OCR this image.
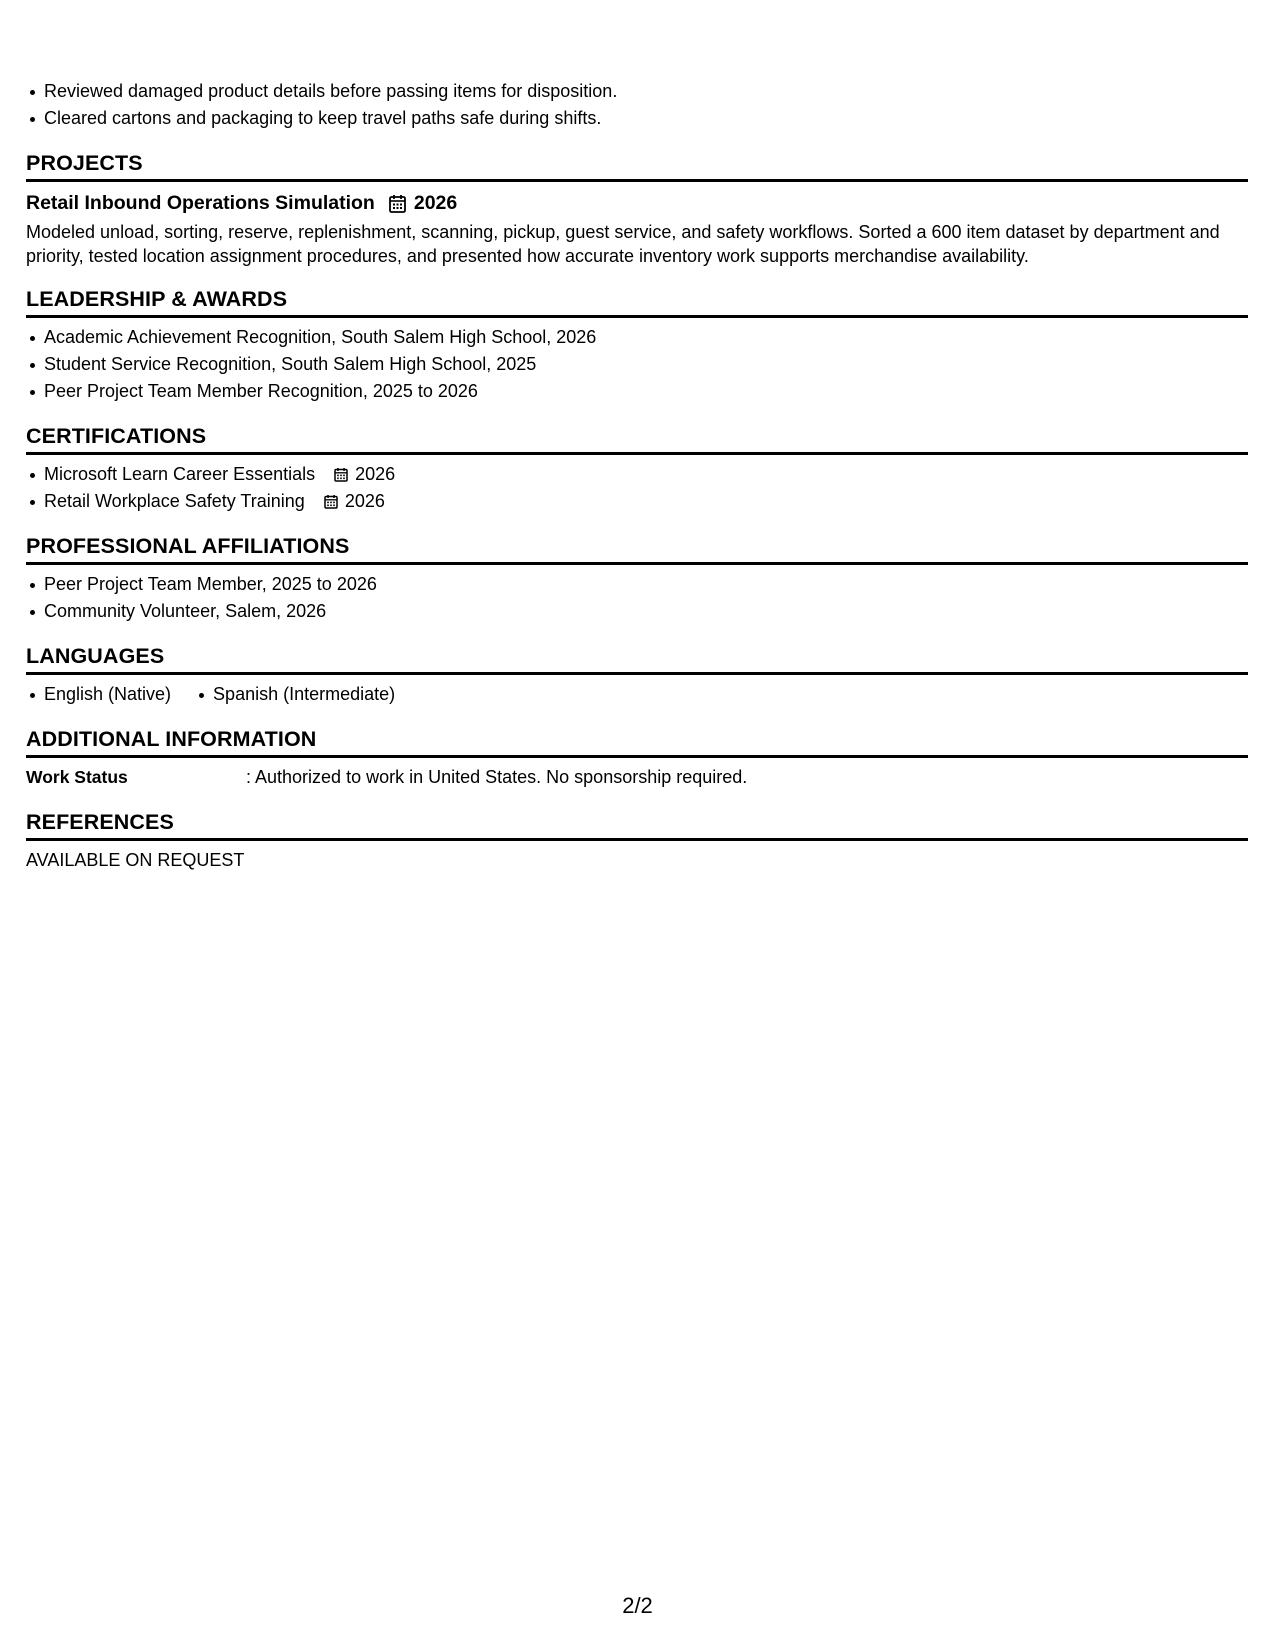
Reviewed damaged product details before passing items for disposition.
Cleared cartons and packaging to keep travel paths safe during shifts.
PROJECTS
Retail Inbound Operations Simulation 2026
Modeled unload, sorting, reserve, replenishment, scanning, pickup, guest service, and safety workflows. Sorted a 600 item dataset by department and priority, tested location assignment procedures, and presented how accurate inventory work supports merchandise availability.
LEADERSHIP & AWARDS
Academic Achievement Recognition, South Salem High School, 2026
Student Service Recognition, South Salem High School, 2025
Peer Project Team Member Recognition, 2025 to 2026
CERTIFICATIONS
Microsoft Learn Career Essentials 2026
Retail Workplace Safety Training 2026
PROFESSIONAL AFFILIATIONS
Peer Project Team Member, 2025 to 2026
Community Volunteer, Salem, 2026
LANGUAGES
English (Native)	Spanish (Intermediate)
ADDITIONAL INFORMATION
Work Status	: Authorized to work in United States. No sponsorship required.
REFERENCES
AVAILABLE ON REQUEST
2/2
